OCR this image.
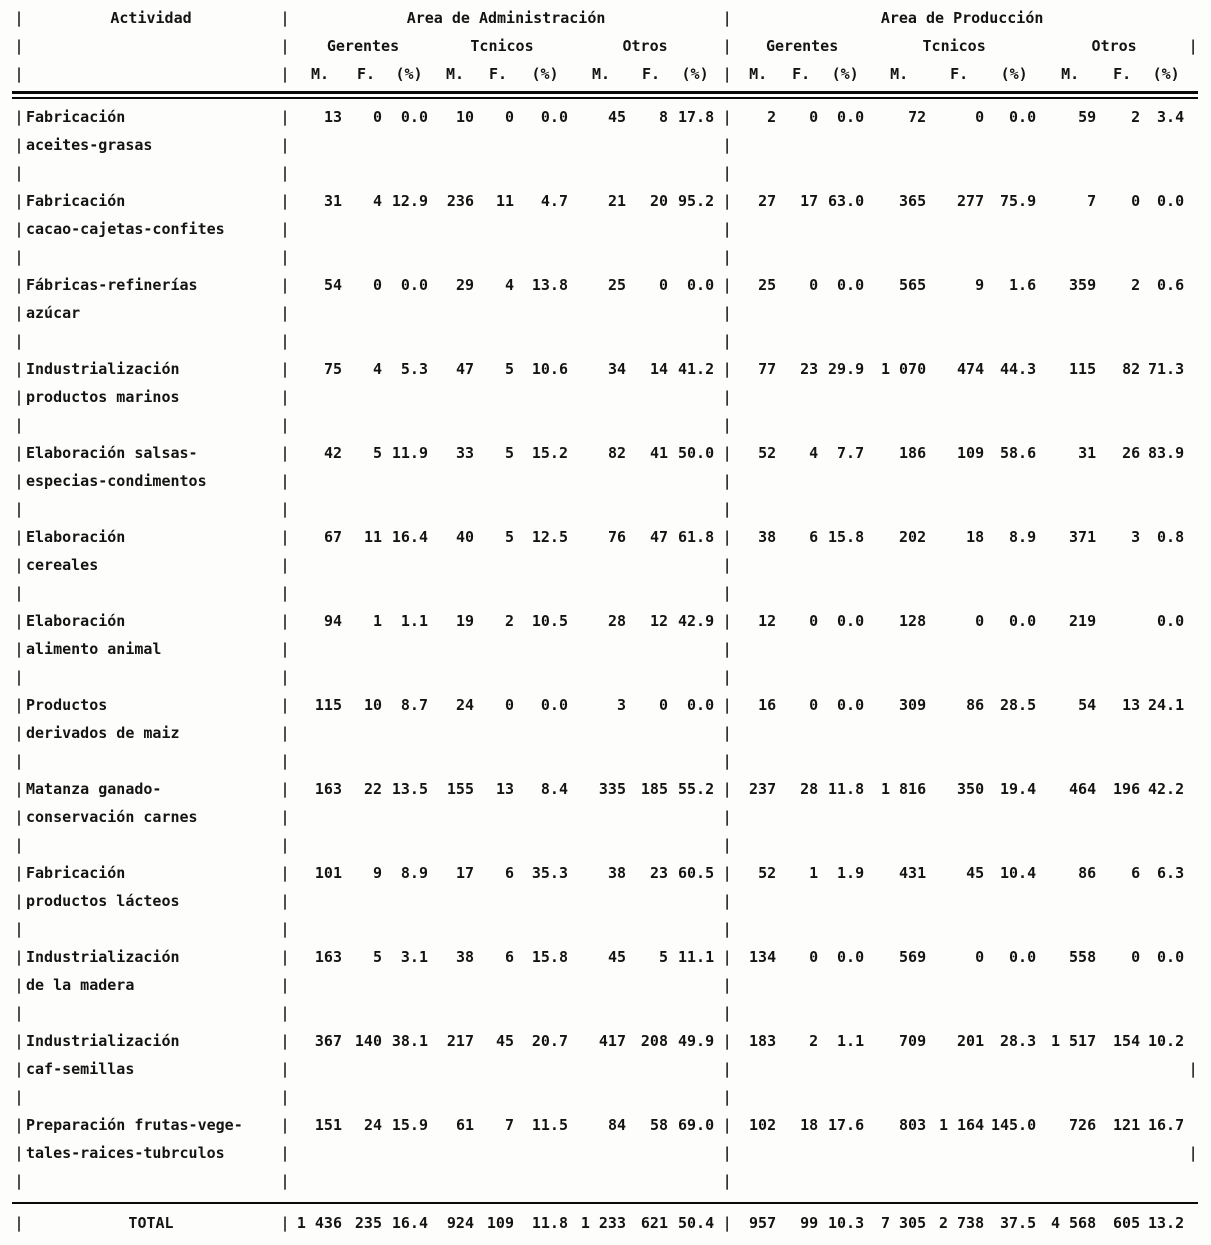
|	Actividad	|	Area de Administración									|	Area de Producción									
|		|	Gerentes			Tcnicos			Otros			|	Gerentes			Tcnicos			Otros			|
|		|	M.	F.	(%)	M.	F.	(%)	M.	F.	(%)	|	M.	F.	(%)	M.	F.	(%)	M.	F.	(%)	

|	Fabricación	|	13	0	0.0	10	0	0.0	45	8	17.8	|	2	0	0.0	72	0	0.0	59	2	3.4	
|	aceites-grasas	|										|										
|		|										|										
|	Fabricación	|	31	4	12.9	236	11	4.7	21	20	95.2	|	27	17	63.0	365	277	75.9	7	0	0.0	
|	cacao-cajetas-confites	|										|										
|		|										|										
|	Fábricas-refinerías	|	54	0	0.0	29	4	13.8	25	0	0.0	|	25	0	0.0	565	9	1.6	359	2	0.6	
|	azúcar	|										|										
|		|										|										
|	Industrialización	|	75	4	5.3	47	5	10.6	34	14	41.2	|	77	23	29.9	1 070	474	44.3	115	82	71.3	
|	productos marinos	|										|										
|		|										|										
|	Elaboración salsas-	|	42	5	11.9	33	5	15.2	82	41	50.0	|	52	4	7.7	186	109	58.6	31	26	83.9	
|	especias-condimentos	|										|										
|		|										|										
|	Elaboración	|	67	11	16.4	40	5	12.5	76	47	61.8	|	38	6	15.8	202	18	8.9	371	3	0.8	
|	cereales	|										|										
|		|										|										
|	Elaboración	|	94	1	1.1	19	2	10.5	28	12	42.9	|	12	0	0.0	128	0	0.0	219		0.0	
|	alimento animal	|										|										
|		|										|										
|	Productos	|	115	10	8.7	24	0	0.0	3	0	0.0	|	16	0	0.0	309	86	28.5	54	13	24.1	
|	derivados de maiz	|										|										
|		|										|										
|	Matanza ganado-	|	163	22	13.5	155	13	8.4	335	185	55.2	|	237	28	11.8	1 816	350	19.4	464	196	42.2	
|	conservación carnes	|										|										
|		|										|										
|	Fabricación	|	101	9	8.9	17	6	35.3	38	23	60.5	|	52	1	1.9	431	45	10.4	86	6	6.3	
|	productos lácteos	|										|										
|		|										|										
|	Industrialización	|	163	5	3.1	38	6	15.8	45	5	11.1	|	134	0	0.0	569	0	0.0	558	0	0.0	
|	de la madera	|										|										
|		|										|										
|	Industrialización	|	367	140	38.1	217	45	20.7	417	208	49.9	|	183	2	1.1	709	201	28.3	1 517	154	10.2	
|	caf-semillas	|										|										|
|		|										|										
|	Preparación frutas-vege-	|	151	24	15.9	61	7	11.5	84	58	69.0	|	102	18	17.6	803	1 164	145.0	726	121	16.7	
|	tales-raices-tubrculos	|										|										|
|		|										|										

|	TOTAL	|	1 436	235	16.4	924	109	11.8	1 233	621	50.4	|	957	99	10.3	7 305	2 738	37.5	4 568	605	13.2	
